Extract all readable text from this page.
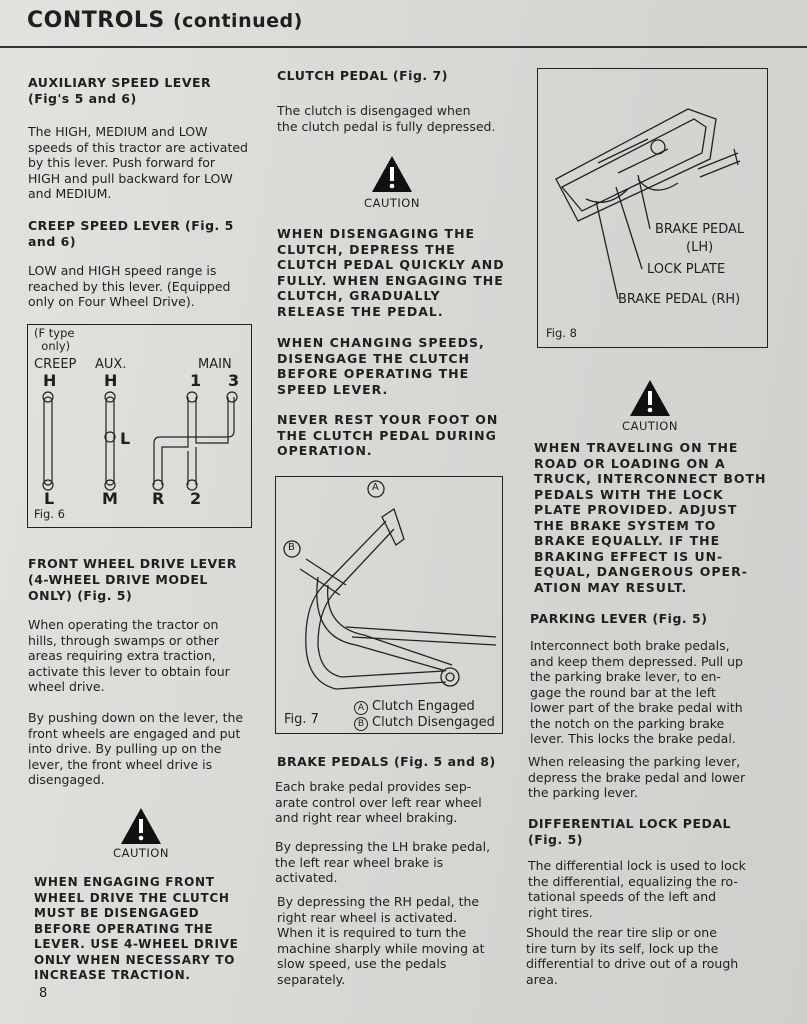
CONTROLS (continued)
AUXILIARY SPEED LEVER
(Fig's 5 and 6)
The HIGH, MEDIUM and LOW
speeds of this tractor are activated
by this lever. Push forward for
HIGH and pull backward for LOW
and MEDIUM.
CREEP SPEED LEVER (Fig. 5
and 6)
LOW and HIGH speed range is
reached by this lever. (Equipped
only on Four Wheel Drive).
(F type
only)
CREEP AUX.	MAIN
H	H	1 3
L
L	M R 2
Fig. 6
FRONT WHEEL DRIVE LEVER
(4-WHEEL DRIVE MODEL
ONLY) (Fig. 5)
When operating the tractor on
hills, through swamps or other
areas requiring extra traction,
activate this lever to obtain four
wheel drive.
By pushing down on the lever, the
front wheels are engaged and put
into drive. By pulling up on the
lever, the front wheel drive is
disengaged.
CAUTION
WHEN ENGAGING FRONT
WHEEL DRIVE THE CLUTCH
MUST BE DISENGAGED
BEFORE OPERATING THE
LEVER. USE 4-WHEEL DRIVE
ONLY WHEN NECESSARY TO
INCREASE TRACTION.
8
CLUTCH PEDAL (Fig. 7)
The clutch is disengaged when
the clutch pedal is fully depressed.
CAUTION
WHEN DISENGAGING THE
CLUTCH, DEPRESS THE
CLUTCH PEDAL QUICKLY AND
FULLY. WHEN ENGAGING THE
CLUTCH, GRADUALLY
RELEASE THE PEDAL.
WHEN CHANGING SPEEDS,
DISENGAGE THE CLUTCH
BEFORE OPERATING THE
SPEED LEVER.
NEVER REST YOUR FOOT ON
THE CLUTCH PEDAL DURING
OPERATION.
A
B
Fig. 7
A Clutch Engaged
B Clutch Disengaged
BRAKE PEDALS (Fig. 5 and 8)
Each brake pedal provides sep-
arate control over left rear wheel
and right rear wheel braking.
By depressing the LH brake pedal,
the left rear wheel brake is
activated.
By depressing the RH pedal, the
right rear wheel is activated.
When it is required to turn the
machine sharply while moving at
slow speed, use the pedals
separately.
BRAKE PEDAL
(LH)
LOCK PLATE
BRAKE PEDAL (RH)
Fig. 8
CAUTION
WHEN TRAVELING ON THE
ROAD OR LOADING ON A
TRUCK, INTERCONNECT BOTH
PEDALS WITH THE LOCK
PLATE PROVIDED. ADJUST
THE BRAKE SYSTEM TO
BRAKE EQUALLY. IF THE
BRAKING EFFECT IS UN-
EQUAL, DANGEROUS OPER-
ATION MAY RESULT.
PARKING LEVER (Fig. 5)
Interconnect both brake pedals,
and keep them depressed. Pull up
the parking brake lever, to en-
gage the round bar at the left
lower part of the brake pedal with
the notch on the parking brake
lever. This locks the brake pedal.
When releasing the parking lever,
depress the brake pedal and lower
the parking lever.
DIFFERENTIAL LOCK PEDAL
(Fig. 5)
The differential lock is used to lock
the differential, equalizing the ro-
tational speeds of the left and
right tires.
Should the rear tire slip or one
tire turn by its self, lock up the
differential to drive out of a rough
area.
